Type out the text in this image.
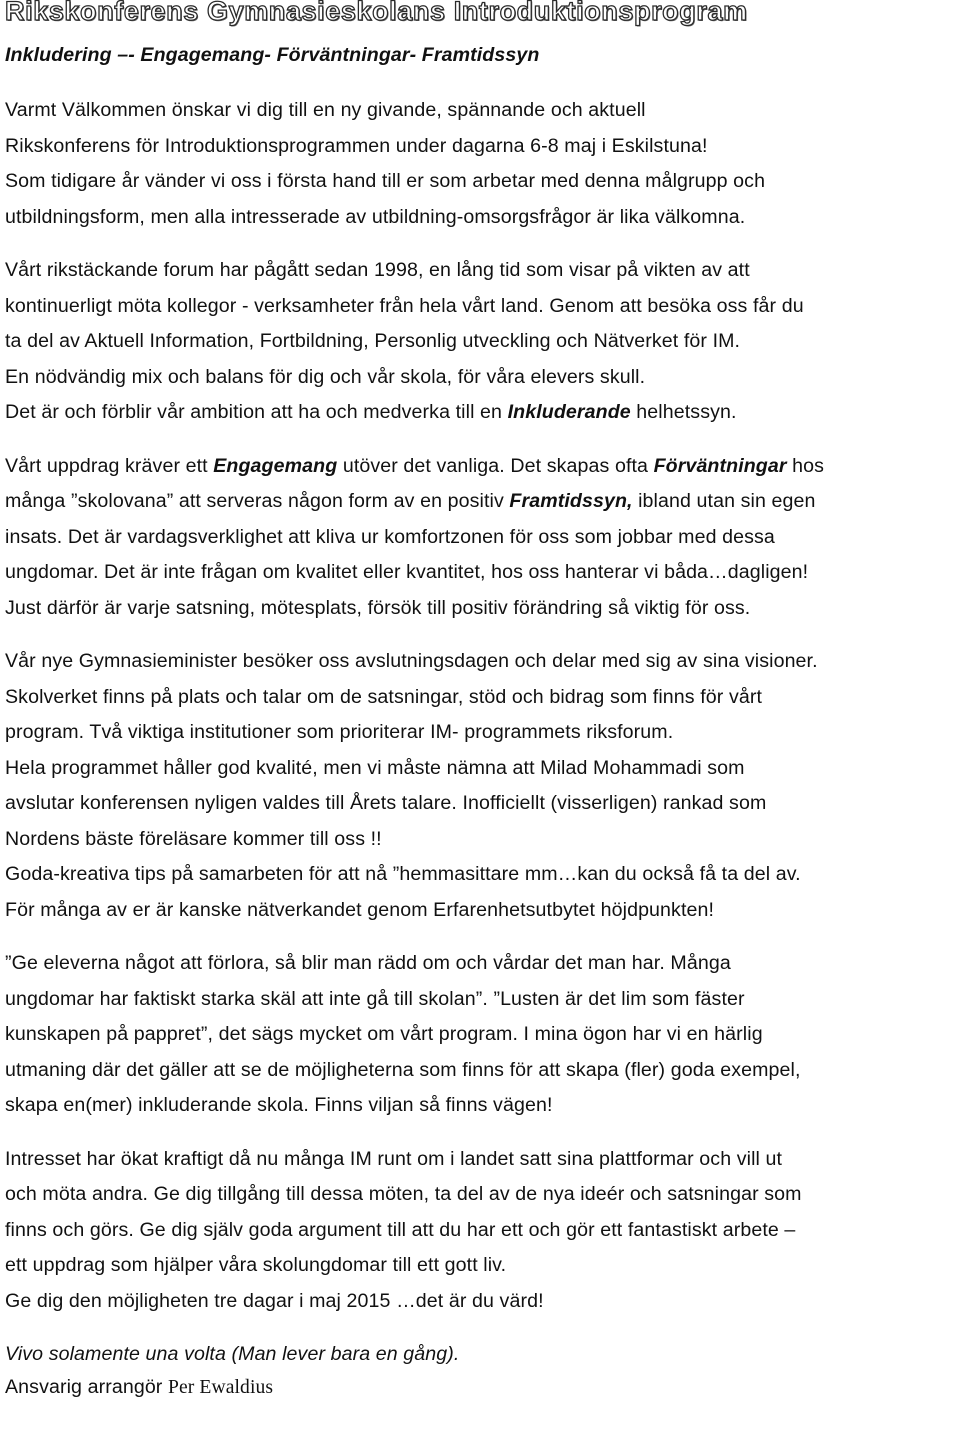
Rikskonferens Gymnasieskolans Introduktionsprogram
Inkludering –- Engagemang- Förväntningar- Framtidssyn
Varmt Välkommen önskar vi dig till en ny givande, spännande och aktuell
Rikskonferens för Introduktionsprogrammen under dagarna 6-8 maj i Eskilstuna!
Som tidigare år vänder vi oss i första hand till er som arbetar med denna målgrupp och
utbildningsform, men alla intresserade av utbildning-omsorgsfrågor är lika välkomna.
Vårt rikstäckande forum har pågått sedan 1998, en lång tid som visar på vikten av att
kontinuerligt möta kollegor - verksamheter från hela vårt land. Genom att besöka oss får du
ta del av Aktuell Information, Fortbildning, Personlig utveckling och Nätverket för IM.
En nödvändig mix och balans för dig och vår skola, för våra elevers skull.
Det är och förblir vår ambition att ha och medverka till en Inkluderande helhetssyn.
Vårt uppdrag kräver ett Engagemang utöver det vanliga. Det skapas ofta Förväntningar hos
många ”skolovana” att serveras någon form av en positiv Framtidssyn, ibland utan sin egen
insats. Det är vardagsverklighet att kliva ur komfortzonen för oss som jobbar med dessa
ungdomar. Det är inte frågan om kvalitet eller kvantitet, hos oss hanterar vi båda…dagligen!
Just därför är varje satsning, mötesplats, försök till positiv förändring så viktig för oss.
Vår nye Gymnasieminister besöker oss avslutningsdagen och delar med sig av sina visioner.
Skolverket finns på plats och talar om de satsningar, stöd och bidrag som finns för vårt
program. Två viktiga institutioner som prioriterar IM- programmets riksforum.
Hela programmet håller god kvalité, men vi måste nämna att Milad Mohammadi som
avslutar konferensen nyligen valdes till Årets talare. Inofficiellt (visserligen) rankad som
Nordens bäste föreläsare kommer till oss !!
Goda-kreativa tips på samarbeten för att nå ”hemmasittare mm…kan du också få ta del av.
För många av er är kanske nätverkandet genom Erfarenhetsutbytet höjdpunkten!
”Ge eleverna något att förlora, så blir man rädd om och vårdar det man har. Många
ungdomar har faktiskt starka skäl att inte gå till skolan”. ”Lusten är det lim som fäster
kunskapen på pappret”, det sägs mycket om vårt program. I mina ögon har vi en härlig
utmaning där det gäller att se de möjligheterna som finns för att skapa (fler) goda exempel,
skapa en(mer) inkluderande skola. Finns viljan så finns vägen!
Intresset har ökat kraftigt då nu många IM runt om i landet satt sina plattformar och vill ut
och möta andra. Ge dig tillgång till dessa möten, ta del av de nya ideér och satsningar som
finns och görs. Ge dig själv goda argument till att du har ett och gör ett fantastiskt arbete –
ett uppdrag som hjälper våra skolungdomar till ett gott liv.
Ge dig den möjligheten tre dagar i maj 2015 …det är du värd!
Vivo solamente una volta (Man lever bara en gång).
Ansvarig arrangör Per Ewaldius
